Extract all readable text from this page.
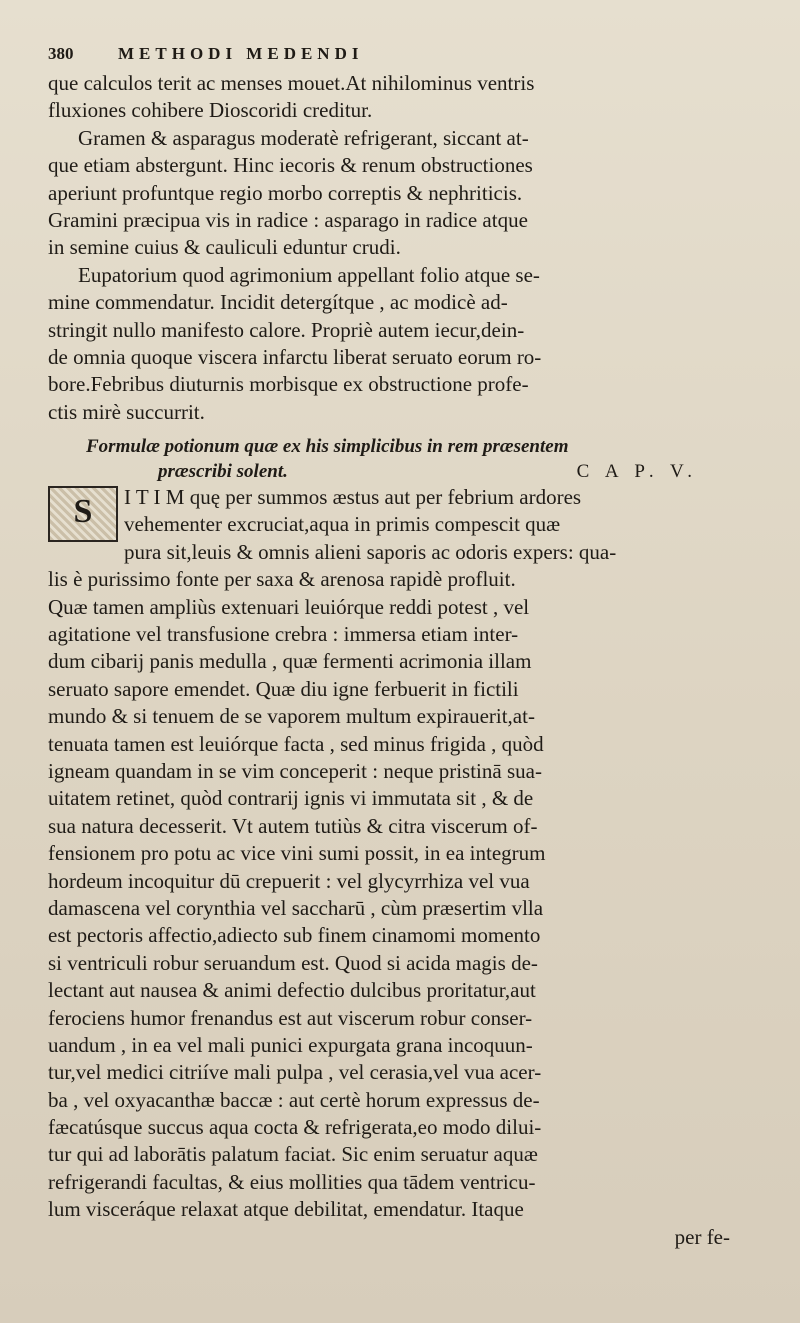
380	METHODI MEDENDI
que calculos terit ac menses mouet.At nihilominus ventris
fluxiones cohibere Dioscoridi creditur.
Gramen & asparagus moderatè refrigerant, siccant at-
que etiam abstergunt. Hinc iecoris & renum obstructiones
aperiunt profuntque regio morbo correptis & nephriticis.
Gramini præcipua vis in radice : asparago in radice atque
in semine cuius & cauliculi eduntur crudi.
Eupatorium quod agrimonium appellant folio atque se-
mine commendatur. Incidit detergítque , ac modicè ad-
stringit nullo manifesto calore. Propriè autem iecur,dein-
de omnia quoque viscera infarctu liberat seruato eorum ro-
bore.Febribus diuturnis morbisque ex obstructione profe-
ctis mirè succurrit.
Formulæ potionum quæ ex his simplicibus in rem præsentem
præscribi solent.	C A P. V.
S	I T I M quę per summos æstus aut per febrium ardores
vehementer excruciat,aqua in primis compescit quæ
pura sit,leuis & omnis alieni saporis ac odoris expers: qua-
lis è purissimo fonte per saxa & arenosa rapidè profluit.
Quæ tamen ampliùs extenuari leuiórque reddi potest , vel
agitatione vel transfusione crebra : immersa etiam inter-
dum cibarij panis medulla , quæ fermenti acrimonia illam
seruato sapore emendet. Quæ diu igne ferbuerit in fictili
mundo & si tenuem de se vaporem multum expirauerit,at-
tenuata tamen est leuiórque facta , sed minus frigida , quòd
igneam quandam in se vim conceperit : neque pristinā sua-
uitatem retinet, quòd contrarij ignis vi immutata sit , & de
sua natura decesserit. Vt autem tutiùs & citra viscerum of-
fensionem pro potu ac vice vini sumi possit, in ea integrum
hordeum incoquitur dū crepuerit : vel glycyrrhiza vel vua
damascena vel corynthia vel saccharū , cùm præsertim vlla
est pectoris affectio,adiecto sub finem cinamomi momento
si ventriculi robur seruandum est. Quod si acida magis de-
lectant aut nausea & animi defectio dulcibus proritatur,aut
ferociens humor frenandus est aut viscerum robur conser-
uandum , in ea vel mali punici expurgata grana incoquun-
tur,vel medici citriíve mali pulpa , vel cerasia,vel vua acer-
ba , vel oxyacanthæ baccæ : aut certè horum expressus de-
fæcatúsque succus aqua cocta & refrigerata,eo modo dilui-
tur qui ad laborātis palatum faciat. Sic enim seruatur aquæ
refrigerandi facultas, & eius mollities qua tādem ventricu-
lum visceráque relaxat atque debilitat, emendatur. Itaque
per fe-
